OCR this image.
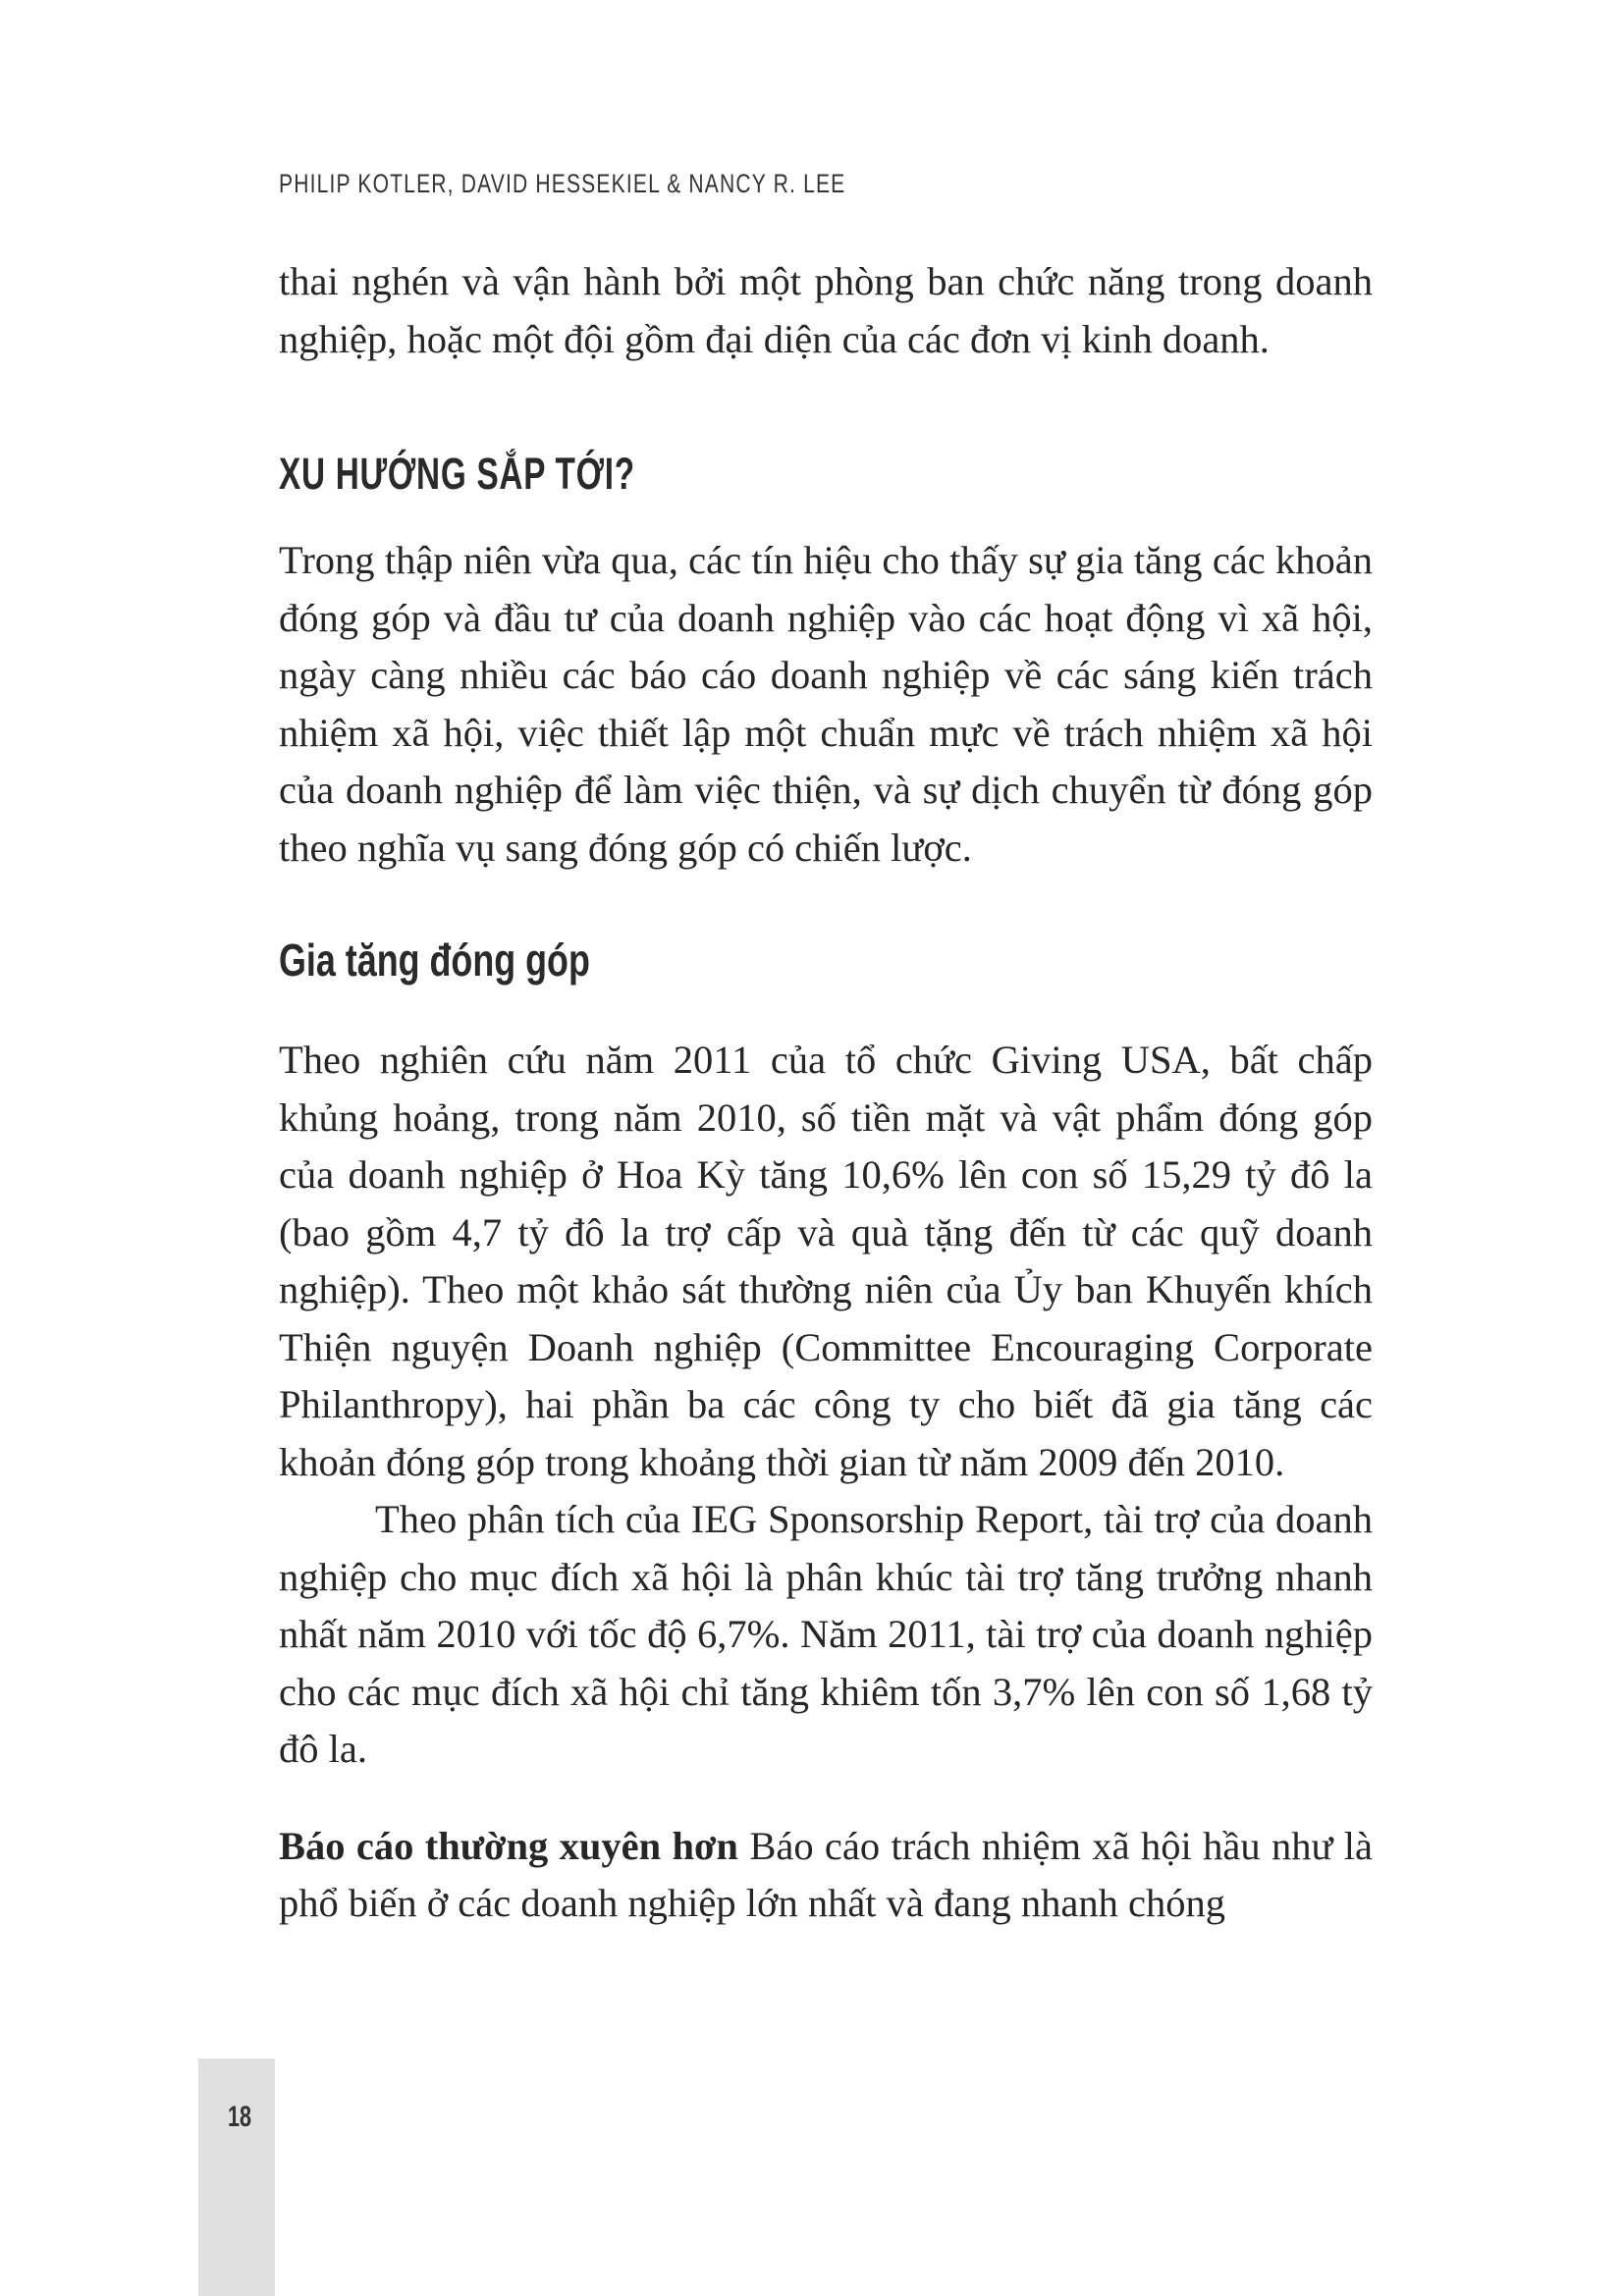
PHILIP KOTLER, DAVID HESSEKIEL & NANCY R. LEE

thai nghén và vận hành bởi một phòng ban chức năng trong doanh nghiệp, hoặc một đội gồm đại diện của các đơn vị kinh doanh.

XU HƯỚNG SẮP TỚI?

Trong thập niên vừa qua, các tín hiệu cho thấy sự gia tăng các khoản đóng góp và đầu tư của doanh nghiệp vào các hoạt động vì xã hội, ngày càng nhiều các báo cáo doanh nghiệp về các sáng kiến trách nhiệm xã hội, việc thiết lập một chuẩn mực về trách nhiệm xã hội của doanh nghiệp để làm việc thiện, và sự dịch chuyển từ đóng góp theo nghĩa vụ sang đóng góp có chiến lược.

Gia tăng đóng góp

Theo nghiên cứu năm 2011 của tổ chức Giving USA, bất chấp khủng hoảng, trong năm 2010, số tiền mặt và vật phẩm đóng góp của doanh nghiệp ở Hoa Kỳ tăng 10,6% lên con số 15,29 tỷ đô la (bao gồm 4,7 tỷ đô la trợ cấp và quà tặng đến từ các quỹ doanh nghiệp). Theo một khảo sát thường niên của Ủy ban Khuyến khích Thiện nguyện Doanh nghiệp (Committee Encouraging Corporate Philanthropy), hai phần ba các công ty cho biết đã gia tăng các khoản đóng góp trong khoảng thời gian từ năm 2009 đến 2010.

Theo phân tích của IEG Sponsorship Report, tài trợ của doanh nghiệp cho mục đích xã hội là phân khúc tài trợ tăng trưởng nhanh nhất năm 2010 với tốc độ 6,7%. Năm 2011, tài trợ của doanh nghiệp cho các mục đích xã hội chỉ tăng khiêm tốn 3,7% lên con số 1,68 tỷ đô la.

Báo cáo thường xuyên hơn Báo cáo trách nhiệm xã hội hầu như là phổ biến ở các doanh nghiệp lớn nhất và đang nhanh chóng

18
